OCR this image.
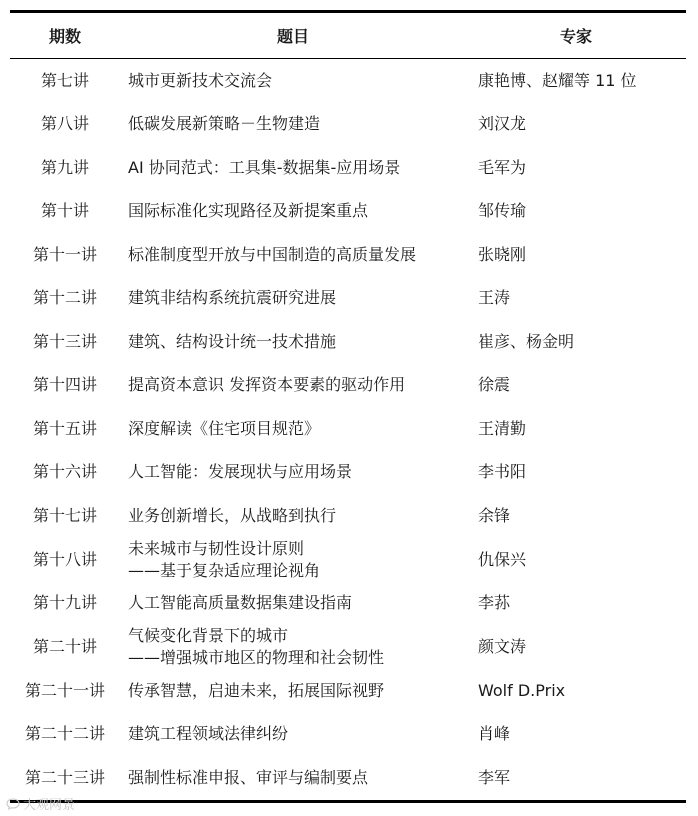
期数	题目	专家
第七讲	城市更新技术交流会	康艳博、赵耀等 11 位
第八讲	低碳发展新策略－生物建造	刘汉龙
第九讲	AI 协同范式：工具集-数据集-应用场景	毛军为
第十讲	国际标准化实现路径及新提案重点	邹传瑜
第十一讲	标准制度型开放与中国制造的高质量发展	张晓刚
第十二讲	建筑非结构系统抗震研究进展	王涛
第十三讲	建筑、结构设计统一技术措施	崔彦、杨金明
第十四讲	提高资本意识 发挥资本要素的驱动作用	徐震
第十五讲	深度解读《住宅项目规范》	王清勤
第十六讲	人工智能：发展现状与应用场景	李书阳
第十七讲	业务创新增长，从战略到执行	余锋
第十八讲	未来城市与韧性设计原则
——基于复杂适应理论视角	仇保兴
第十九讲	人工智能高质量数据集建设指南	李荪
第二十讲	气候变化背景下的城市
——增强城市地区的物理和社会韧性	颜文涛
第二十一讲	传承智慧，启迪未来，拓展国际视野	Wolf D.Prix
第二十二讲	建筑工程领域法律纠纷	肖峰
第二十三讲	强制性标准申报、审评与编制要点	李军
大观网景
